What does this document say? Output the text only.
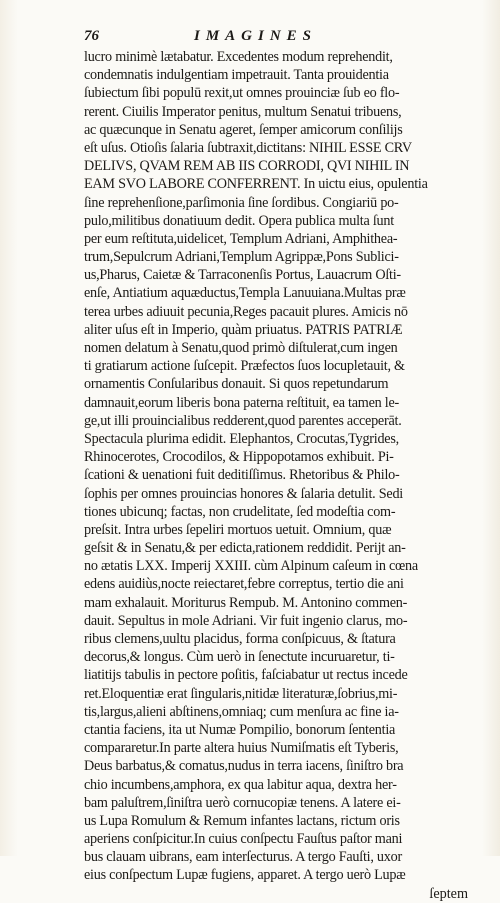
76	IMAGINES
lucro minimè lætabatur. Excedentes modum reprehendit,
condemnatis indulgentiam impetrauit. Tanta prouidentia
ſubiectum ſibi populū rexit,ut omnes prouinciæ ſub eo flo-
rerent. Ciuilis Imperator penitus, multum Senatui tribuens,
ac quæcunque in Senatu ageret, ſemper amicorum conſilijs
eſt uſus. Otioſis ſalaria ſubtraxit,dictitans: NIHIL ESSE CRV
DELIVS, QVAM REM AB IIS CORRODI, QVI NIHIL IN
EAM SVO LABORE CONFERRENT. In uictu eius, opulentia
ſine reprehenſione,parſimonia ſine ſordibus. Congiariū po-
pulo,militibus donatiuum dedit. Opera publica multa ſunt
per eum reſtituta,uidelicet, Templum Adriani, Amphithea-
trum,Sepulcrum Adriani,Templum Agrippæ,Pons Sublici-
us,Pharus, Caietæ & Tarraconenſis Portus, Lauacrum Oſti-
enſe, Antiatium aquæductus,Templa Lanuuiana.Multas præ
terea urbes adiuuit pecunia,Reges pacauit plures. Amicis nō
aliter uſus eſt in Imperio, quàm priuatus. PATRIS PATRIÆ
nomen delatum à Senatu,quod primò diſtulerat,cum ingen
ti gratiarum actione ſuſcepit. Præfectos ſuos locupletauit, &
ornamentis Conſularibus donauit. Si quos repetundarum
damnauit,eorum liberis bona paterna reſtituit, ea tamen le-
ge,ut illi prouincialibus redderent,quod parentes acceperāt.
Spectacula plurima edidit. Elephantos, Crocutas,Tygrides,
Rhinocerotes, Crocodilos, & Hippopotamos exhibuit. Pi-
ſcationi & uenationi fuit deditiſſimus. Rhetoribus & Philo-
ſophis per omnes prouincias honores & ſalaria detulit. Sedi
tiones ubicunq; factas, non crudelitate, ſed modeſtia com-
preſsit. Intra urbes ſepeliri mortuos uetuit. Omnium, quæ
geſsit & in Senatu,& per edicta,rationem reddidit. Perijt an-
no ætatis LXX. Imperij XXIII. cùm Alpinum caſeum in cœna
edens auidiùs,nocte reiectaret,febre correptus, tertio die ani
mam exhalauit. Moriturus Rempub. M. Antonino commen-
dauit. Sepultus in mole Adriani. Vir fuit ingenio clarus, mo-
ribus clemens,uultu placidus, forma conſpicuus, & ſtatura
decorus,& longus. Cùm uerò in ſenectute incuruaretur, ti-
liatitijs tabulis in pectore poſitis, faſciabatur ut rectus incede
ret.Eloquentiæ erat ſingularis,nitidæ literaturæ,ſobrius,mi-
tis,largus,alieni abſtinens,omniaq; cum menſura ac fine ia-
ctantia faciens, ita ut Numæ Pompilio, bonorum ſententia
compararetur.In parte altera huius Numiſmatis eſt Tyberis,
Deus barbatus,& comatus,nudus in terra iacens, ſiniſtro bra
chio incumbens,amphora, ex qua labitur aqua, dextra her-
bam paluſtrem,ſiniſtra uerò cornucopiæ tenens. A latere ei-
us Lupa Romulum & Remum infantes lactans, rictum oris
aperiens conſpicitur.In cuius conſpectu Fauſtus paſtor mani
bus clauam uibrans, eam interſecturus. A tergo Fauſti, uxor
eius conſpectum Lupæ fugiens, apparet. A tergo uerò Lupæ
ſeptem
